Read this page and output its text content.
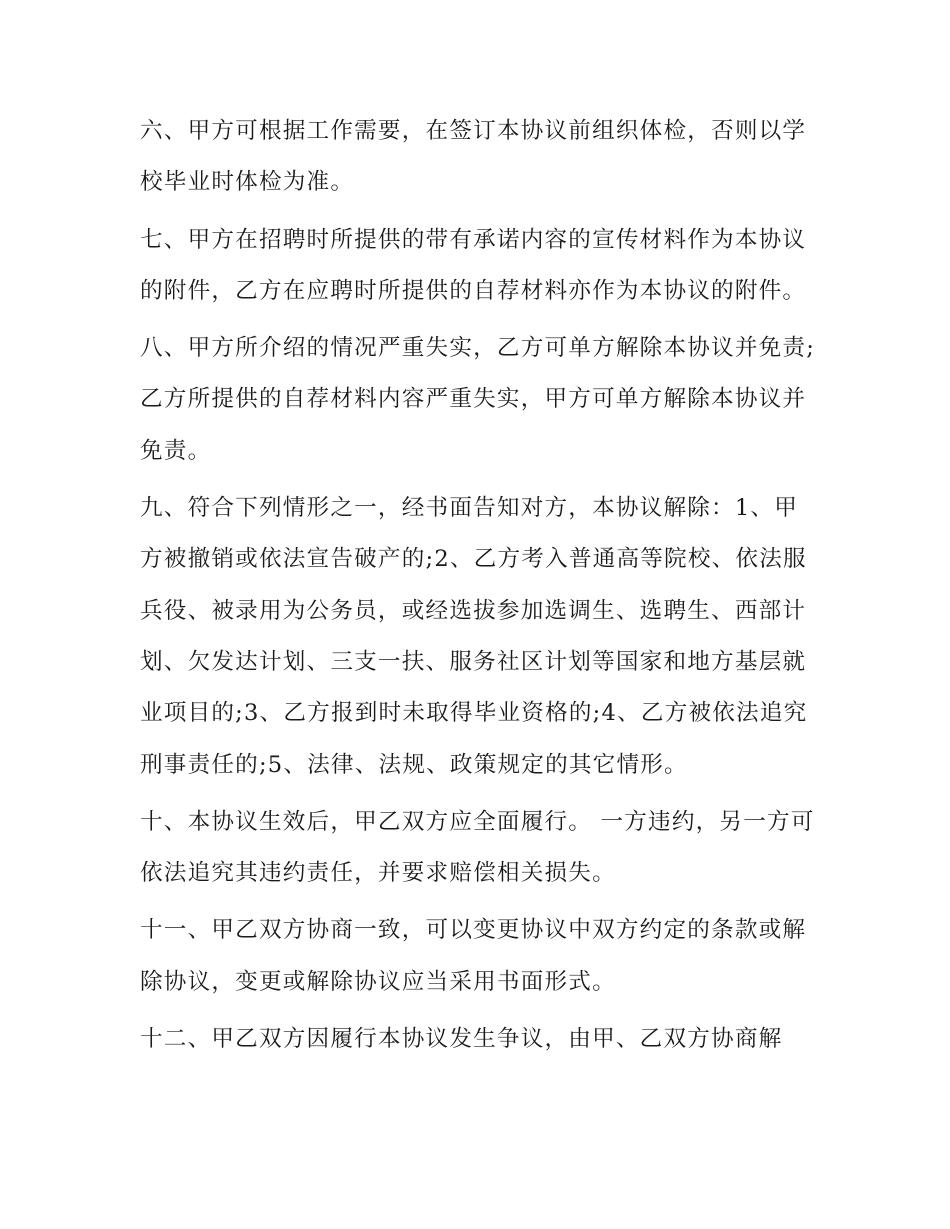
六、甲方可根据工作需要，在签订本协议前组织体检，否则以学校毕业时体检为准。

七、甲方在招聘时所提供的带有承诺内容的宣传材料作为本协议的附件，乙方在应聘时所提供的自荐材料亦作为本协议的附件。

八、甲方所介绍的情况严重失实，乙方可单方解除本协议并免责;乙方所提供的自荐材料内容严重失实，甲方可单方解除本协议并免责。

九、符合下列情形之一，经书面告知对方，本协议解除：1、甲方被撤销或依法宣告破产的;2、乙方考入普通高等院校、依法服兵役、被录用为公务员，或经选拔参加选调生、选聘生、西部计划、欠发达计划、三支一扶、服务社区计划等国家和地方基层就业项目的;3、乙方报到时未取得毕业资格的;4、乙方被依法追究刑事责任的;5、法律、法规、政策规定的其它情形。

十、本协议生效后，甲乙双方应全面履行。 一方违约，另一方可依法追究其违约责任，并要求赔偿相关损失。

十一、甲乙双方协商一致，可以变更协议中双方约定的条款或解除协议，变更或解除协议应当采用书面形式。

十二、甲乙双方因履行本协议发生争议，由甲、乙双方协商解
